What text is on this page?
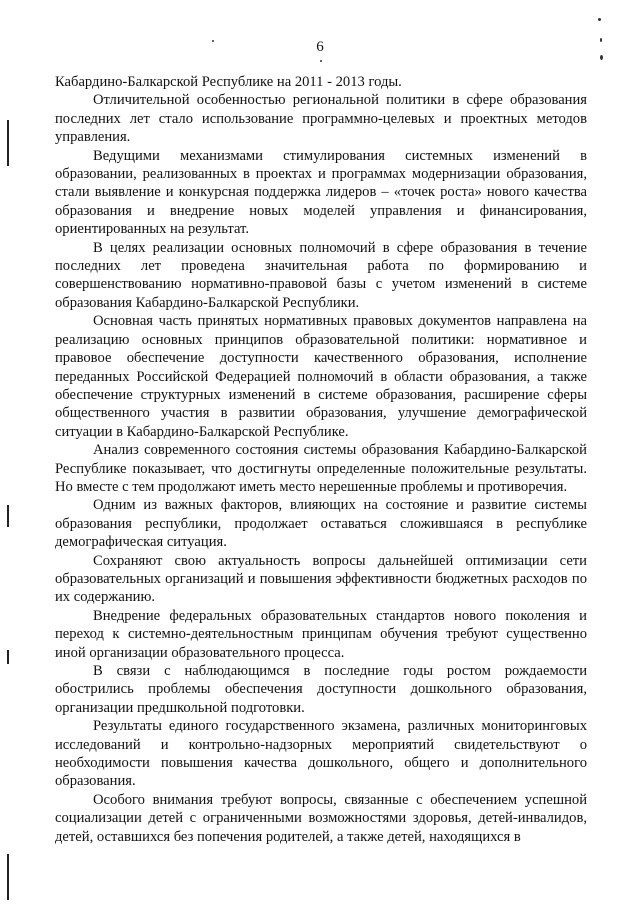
6

Кабардино-Балкарской Республике на 2011 - 2013 годы.

Отличительной особенностью региональной политики в сфере образования последних лет стало использование программно-целевых и проектных методов управления.

Ведущими механизмами стимулирования системных изменений в образовании, реализованных в проектах и программах модернизации образования, стали выявление и конкурсная поддержка лидеров – «точек роста» нового качества образования и внедрение новых моделей управления и финансирования, ориентированных на результат.

В целях реализации основных полномочий в сфере образования в течение последних лет проведена значительная работа по формированию и совершенствованию нормативно-правовой базы с учетом изменений в системе образования Кабардино-Балкарской Республики.

Основная часть принятых нормативных правовых документов направлена на реализацию основных принципов образовательной политики: нормативное и правовое обеспечение доступности качественного образования, исполнение переданных Российской Федерацией полномочий в области образования, а также обеспечение структурных изменений в системе образования, расширение сферы общественного участия в развитии образования, улучшение демографической ситуации в Кабардино-Балкарской Республике.

Анализ современного состояния системы образования Кабардино-Балкарской Республике показывает, что достигнуты определенные положительные результаты. Но вместе с тем продолжают иметь место нерешенные проблемы и противоречия.

Одним из важных факторов, влияющих на состояние и развитие системы образования республики, продолжает оставаться сложившаяся в республике демографическая ситуация.

Сохраняют свою актуальность вопросы дальнейшей оптимизации сети образовательных организаций и повышения эффективности бюджетных расходов по их содержанию.

Внедрение федеральных образовательных стандартов нового поколения и переход к системно-деятельностным принципам обучения требуют существенно иной организации образовательного процесса.

В связи с наблюдающимся в последние годы ростом рождаемости обострились проблемы обеспечения доступности дошкольного образования, организации предшкольной подготовки.

Результаты единого государственного экзамена, различных мониторинговых исследований и контрольно-надзорных мероприятий свидетельствуют о необходимости повышения качества дошкольного, общего и дополнительного образования.

Особого внимания требуют вопросы, связанные с обеспечением успешной социализации детей с ограниченными возможностями здоровья, детей-инвалидов, детей, оставшихся без попечения родителей, а также детей, находящихся в
